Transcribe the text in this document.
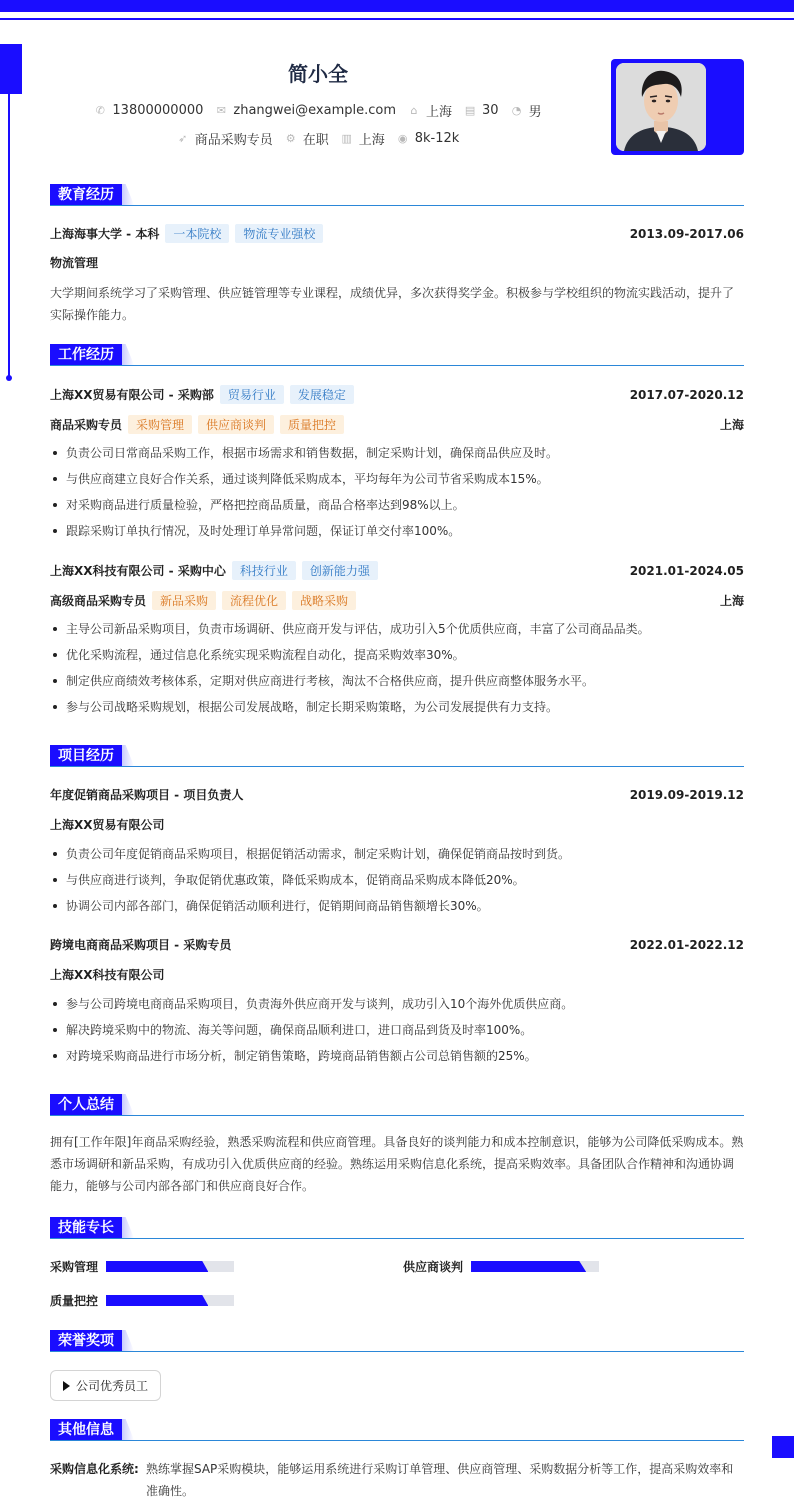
简小全
✆ 13800000000 ✉ zhangwei@example.com ⌂ 上海 ▤ 30 ◔ 男
➶ 商品采购专员 ⚙ 在职 ▥ 上海 ◉ 8k-12k
教育经历
上海海事大学 - 本科	一本院校	物流专业强校	2013.09-2017.06
物流管理
大学期间系统学习了采购管理、供应链管理等专业课程，成绩优异，多次获得奖学金。积极参与学校组织的物流实践活动，提升了实际操作能力。
工作经历
上海XX贸易有限公司 - 采购部	贸易行业	发展稳定	2017.07-2020.12
商品采购专员	采购管理	供应商谈判	质量把控	上海
负责公司日常商品采购工作，根据市场需求和销售数据，制定采购计划，确保商品供应及时。
与供应商建立良好合作关系，通过谈判降低采购成本，平均每年为公司节省采购成本15%。
对采购商品进行质量检验，严格把控商品质量，商品合格率达到98%以上。
跟踪采购订单执行情况，及时处理订单异常问题，保证订单交付率100%。
上海XX科技有限公司 - 采购中心	科技行业	创新能力强	2021.01-2024.05
高级商品采购专员	新品采购	流程优化	战略采购	上海
主导公司新品采购项目，负责市场调研、供应商开发与评估，成功引入5个优质供应商，丰富了公司商品品类。
优化采购流程，通过信息化系统实现采购流程自动化，提高采购效率30%。
制定供应商绩效考核体系，定期对供应商进行考核，淘汰不合格供应商，提升供应商整体服务水平。
参与公司战略采购规划，根据公司发展战略，制定长期采购策略，为公司发展提供有力支持。
项目经历
年度促销商品采购项目 - 项目负责人	2019.09-2019.12
上海XX贸易有限公司
负责公司年度促销商品采购项目，根据促销活动需求，制定采购计划，确保促销商品按时到货。
与供应商进行谈判，争取促销优惠政策，降低采购成本，促销商品采购成本降低20%。
协调公司内部各部门，确保促销活动顺利进行，促销期间商品销售额增长30%。
跨境电商商品采购项目 - 采购专员	2022.01-2022.12
上海XX科技有限公司
参与公司跨境电商商品采购项目，负责海外供应商开发与谈判，成功引入10个海外优质供应商。
解决跨境采购中的物流、海关等问题，确保商品顺利进口，进口商品到货及时率100%。
对跨境采购商品进行市场分析，制定销售策略，跨境商品销售额占公司总销售额的25%。
个人总结
拥有[工作年限]年商品采购经验，熟悉采购流程和供应商管理。具备良好的谈判能力和成本控制意识，能够为公司降低采购成本。熟悉市场调研和新品采购，有成功引入优质供应商的经验。熟练运用采购信息化系统，提高采购效率。具备团队合作精神和沟通协调能力，能够与公司内部各部门和供应商良好合作。
技能专长
采购管理	供应商谈判
质量把控
荣誉奖项
公司优秀员工
其他信息
采购信息化系统: 熟练掌握SAP采购模块，能够运用系统进行采购订单管理、供应商管理、采购数据分析等工作，提高采购效率和准确性。
